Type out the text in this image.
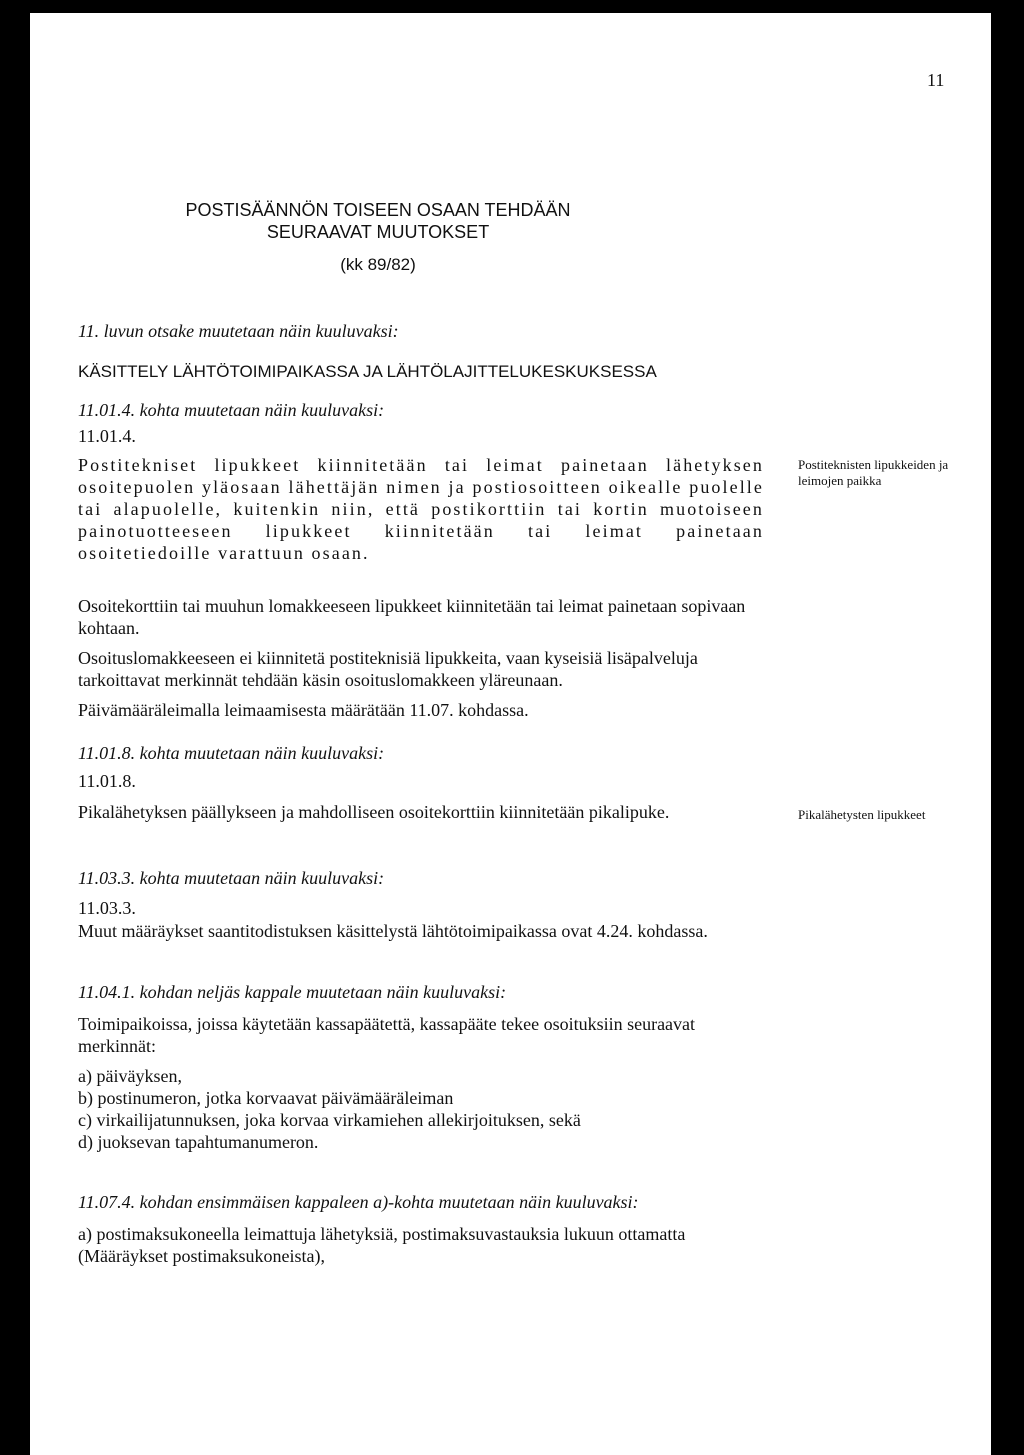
11
POSTISÄÄNNÖN TOISEEN OSAAN TEHDÄÄN
SEURAAVAT MUUTOKSET
(kk 89/82)
11. luvun otsake muutetaan näin kuuluvaksi:
KÄSITTELY LÄHTÖTOIMIPAIKASSA JA LÄHTÖLAJITTELUKESKUKSESSA
11.01.4. kohta muutetaan näin kuuluvaksi:
11.01.4.
Postitekniset lipukkeet kiinnitetään tai leimat painetaan lähetyksen osoitepuolen yläosaan lähettäjän nimen ja postiosoitteen oikealle puolelle tai alapuolelle, kuitenkin niin, että postikorttiin tai kortin muotoiseen painotuotteeseen lipukkeet kiinnitetään tai leimat painetaan osoitetiedoille varattuun osaan.
Postiteknisten lipukkeiden ja leimojen paikka
Osoitekorttiin tai muuhun lomakkeeseen lipukkeet kiinnitetään tai leimat painetaan sopivaan kohtaan.
Osoituslomakkeeseen ei kiinnitetä postiteknisiä lipukkeita, vaan kyseisiä lisäpalveluja tarkoittavat merkinnät tehdään käsin osoituslomakkeen yläreunaan.
Päivämääräleimalla leimaamisesta määrätään 11.07. kohdassa.
11.01.8. kohta muutetaan näin kuuluvaksi:
11.01.8.
Pikalähetyksen päällykseen ja mahdolliseen osoitekorttiin kiinnitetään pikalipuke.	Pikalähetysten lipukkeet
11.03.3. kohta muutetaan näin kuuluvaksi:
11.03.3.
Muut määräykset saantitodistuksen käsittelystä lähtötoimipaikassa ovat 4.24. kohdassa.
11.04.1. kohdan neljäs kappale muutetaan näin kuuluvaksi:
Toimipaikoissa, joissa käytetään kassapäätettä, kassapääte tekee osoituksiin seuraavat merkinnät:
a) päiväyksen,
b) postinumeron, jotka korvaavat päivämääräleiman
c) virkailijatunnuksen, joka korvaa virkamiehen allekirjoituksen, sekä
d) juoksevan tapahtumanumeron.
11.07.4. kohdan ensimmäisen kappaleen a)-kohta muutetaan näin kuuluvaksi:
a) postimaksukoneella leimattuja lähetyksiä, postimaksuvastauksia lukuun ottamatta (Määräykset postimaksukoneista),
